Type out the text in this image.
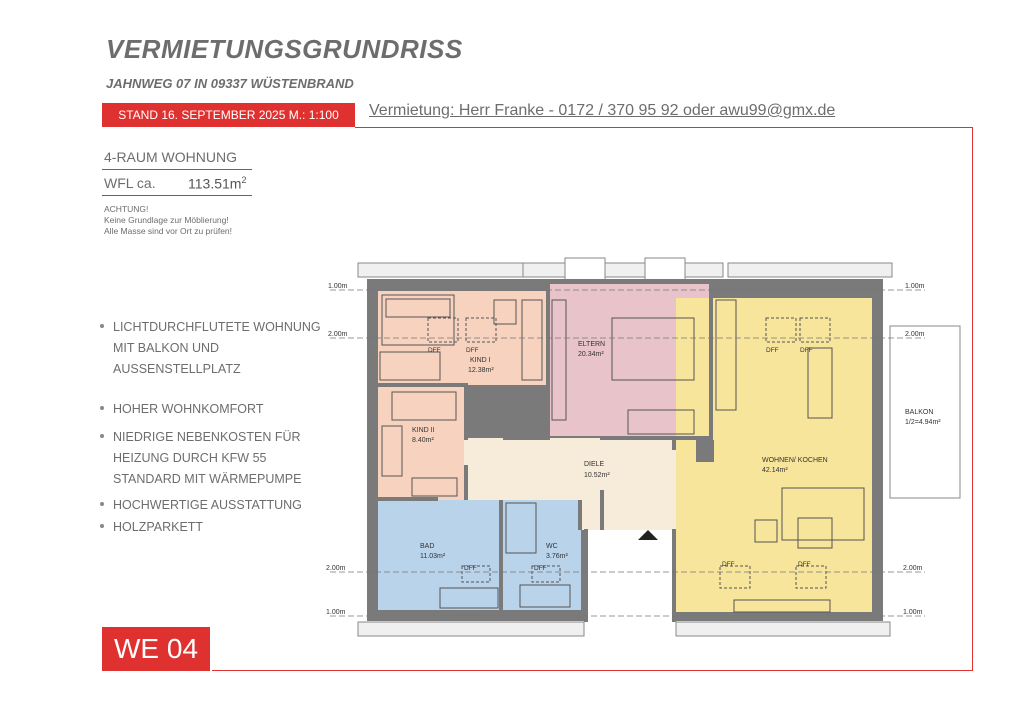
VERMIETUNGSGRUNDRISS
JAHNWEG 07 IN 09337 WÜSTENBRAND
STAND 16. SEPTEMBER 2025 M.: 1:100	Vermietung: Herr Franke - 0172 / 370 95 92 oder awu99@gmx.de
4-RAUM WOHNUNG
WFL ca. $113.51m^2$
ACHTUNG!
Keine Grundlage zur Möblierung!
Alle Masse sind vor Ort zu prüfen!
LICHTDURCHFLUTETE WOHNUNG
MIT BALKON UND
AUSSENSTELLPLATZ
HOHER WOHNKOMFORT
NIEDRIGE NEBENKOSTEN FÜR
HEIZUNG DURCH KFW 55
STANDARD MIT WÄRMEPUMPE
HOCHWERTIGE AUSSTATTUNG
HOLZPARKETT
WE 04
1.00m
2.00m
2.00m
1.00m
1.00m
2.00m
2.00m
1.00m
DFF	DFF	DFF	DFF
DFF	DFF
DFF	DFF
KIND I
12.38m²
KIND II
8.40m²
ELTERN
20.34m²
DIELE
10.52m²
BAD
11.03m²
WC
3.76m²
WOHNEN/ KOCHEN
42.14m²
BALKON
1/2=4.94m²
